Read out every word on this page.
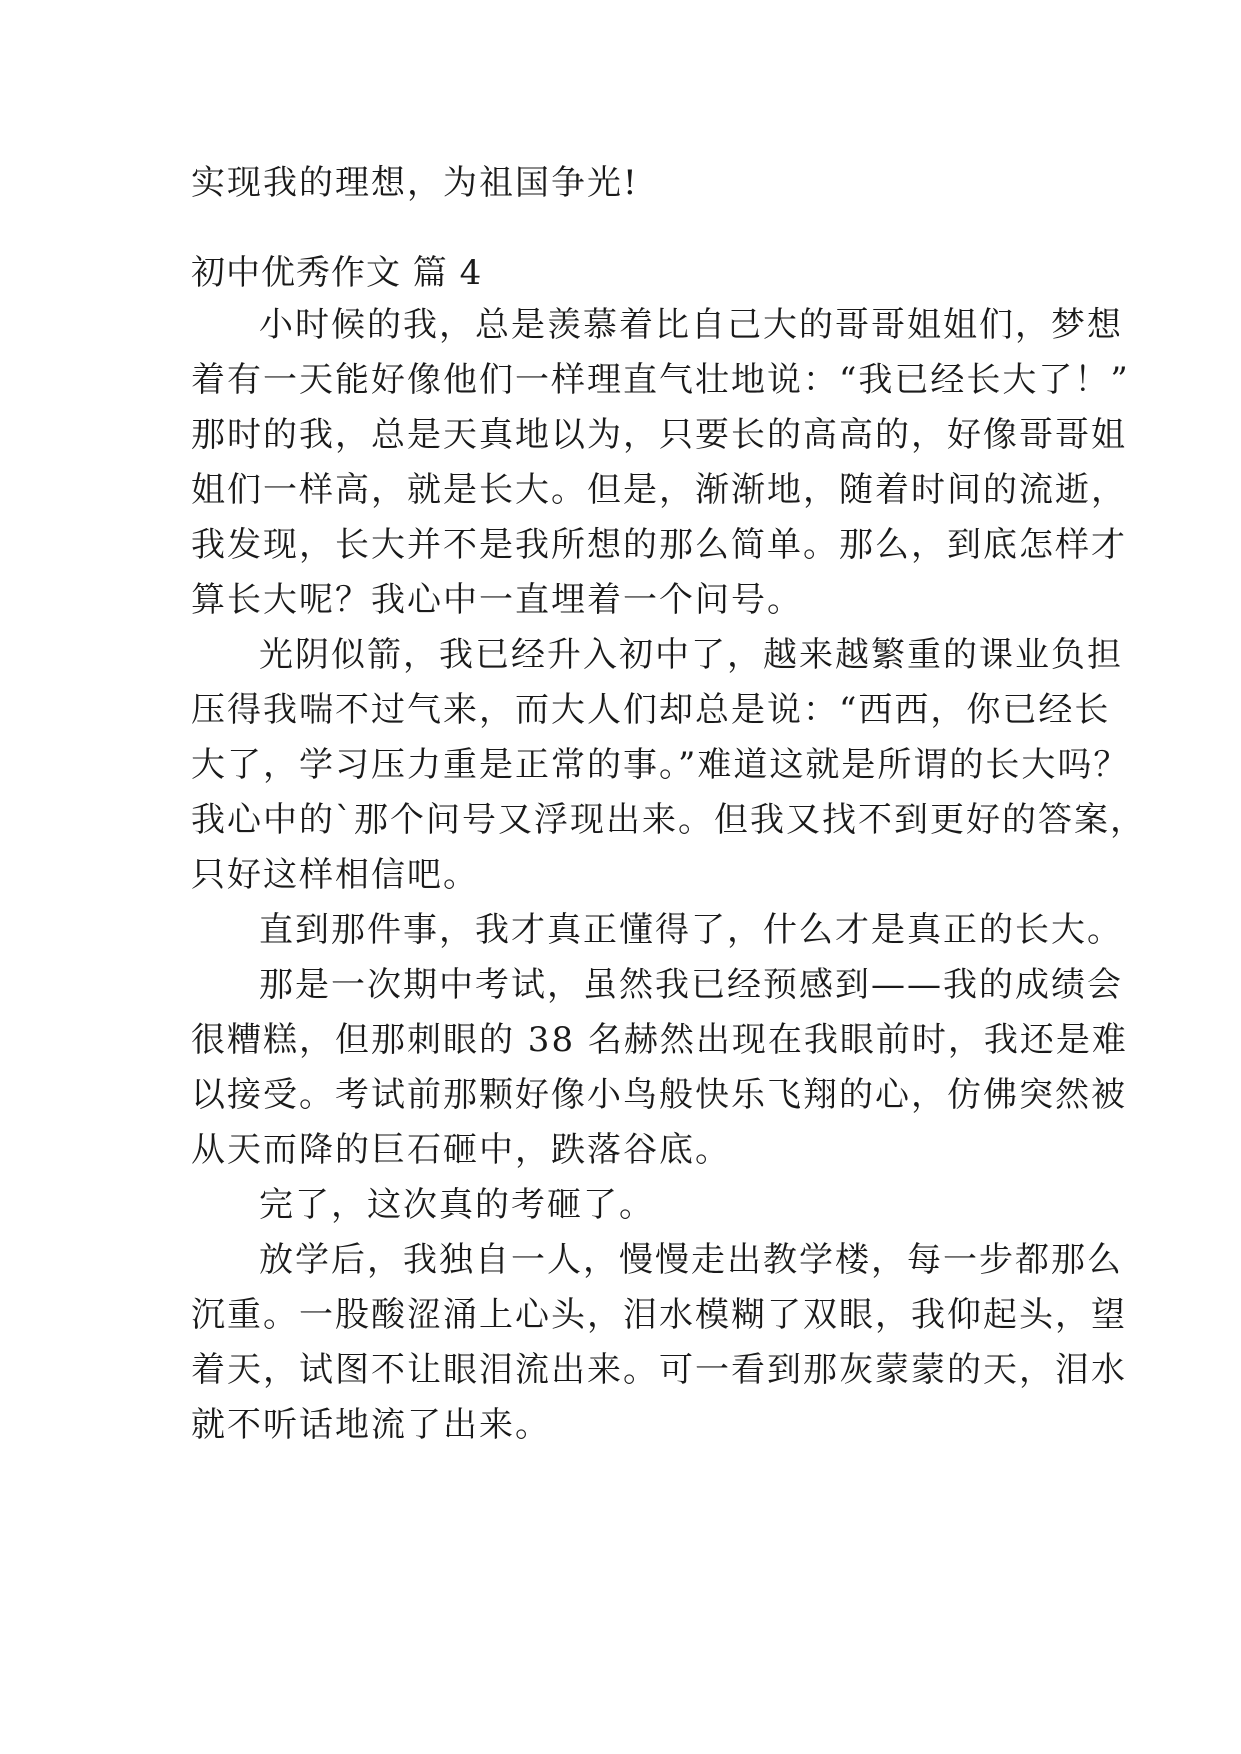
实现我的理想，为祖国争光!
初中优秀作文 篇 4
小时候的我，总是羡慕着比自己大的哥哥姐姐们，梦想
着有一天能好像他们一样理直气壮地说：“我已经长大了！”
那时的我，总是天真地以为，只要长的高高的，好像哥哥姐
姐们一样高，就是长大。但是，渐渐地，随着时间的流逝，
我发现，长大并不是我所想的那么简单。那么，到底怎样才
算长大呢？我心中一直埋着一个问号。
光阴似箭，我已经升入初中了，越来越繁重的课业负担
压得我喘不过气来，而大人们却总是说：“西西，你已经长
大了，学习压力重是正常的事。”难道这就是所谓的长大吗？
我心中的`那个问号又浮现出来。但我又找不到更好的答案，
只好这样相信吧。
直到那件事，我才真正懂得了，什么才是真正的长大。
那是一次期中考试，虽然我已经预感到——我的成绩会
很糟糕，但那刺眼的 38 名赫然出现在我眼前时，我还是难
以接受。考试前那颗好像小鸟般快乐飞翔的心，仿佛突然被
从天而降的巨石砸中，跌落谷底。
完了，这次真的考砸了。
放学后，我独自一人，慢慢走出教学楼，每一步都那么
沉重。一股酸涩涌上心头，泪水模糊了双眼，我仰起头，望
着天，试图不让眼泪流出来。可一看到那灰蒙蒙的天，泪水
就不听话地流了出来。
